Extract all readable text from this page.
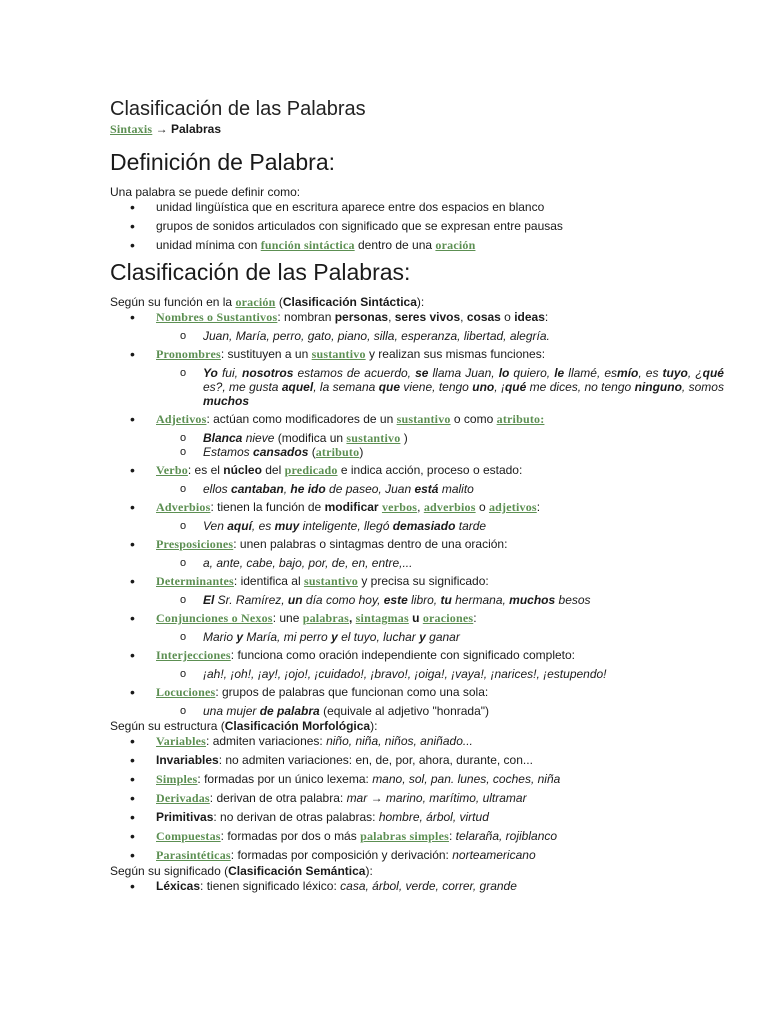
Clasificación de las Palabras
Sintaxis → Palabras
Definición de Palabra:

Una palabra se puede definir como:

• unidad lingüística que en escritura aparece entre dos espacios en blanco
• grupos de sonidos articulados con significado que se expresan entre pausas
• unidad mínima con función sintáctica dentro de una oración
Clasificación de las Palabras:

Según su función en la oración (Clasificación Sintáctica):

• Nombres o Sustantivos: nombran personas, seres vivos, cosas o ideas:
o Juan, María, perro, gato, piano, silla, esperanza, libertad, alegría.
• Pronombres: sustituyen a un sustantivo y realizan sus mismas funciones:
o Yo fui, nosotros estamos de acuerdo, se llama Juan, lo quiero, le llamé, esmío, es tuyo, ¿qué es?, me gusta aquel, la semana que viene, tengo uno, ¡qué me dices, no tengo ninguno, somos muchos
• Adjetivos: actúan como modificadores de un sustantivo o como atributo:
o Blanca nieve (modifica un sustantivo )
o Estamos cansados (atributo)
• Verbo: es el núcleo del predicado e indica acción, proceso o estado:
o ellos cantaban, he ido de paseo, Juan está malito
• Adverbios: tienen la función de modificar verbos, adverbios o adjetivos:
o Ven aquí, es muy inteligente, llegó demasiado tarde
• Presposiciones: unen palabras o sintagmas dentro de una oración:
o a, ante, cabe, bajo, por, de, en, entre,...
• Determinantes: identifica al sustantivo y precisa su significado:
o El Sr. Ramírez, un día como hoy, este libro, tu hermana, muchos besos
• Conjunciones o Nexos: une palabras, sintagmas u oraciones:
o Mario y María, mi perro y el tuyo, luchar y ganar
• Interjecciones: funciona como oración independiente con significado completo:
o ¡ah!, ¡oh!, ¡ay!, ¡ojo!, ¡cuidado!, ¡bravo!, ¡oiga!, ¡vaya!, ¡narices!, ¡estupendo!
• Locuciones: grupos de palabras que funcionan como una sola:
o una mujer de palabra (equivale al adjetivo "honrada")

Según su estructura (Clasificación Morfológica):

• Variables: admiten variaciones: niño, niña, niños, aniñado...
• Invariables: no admiten variaciones: en, de, por, ahora, durante, con...
• Simples: formadas por un único lexema: mano, sol, pan. lunes, coches, niña
• Derivadas: derivan de otra palabra: mar → marino, marítimo, ultramar
• Primitivas: no derivan de otras palabras: hombre, árbol, virtud
• Compuestas: formadas por dos o más palabras simples: telaraña, rojiblanco
• Parasintéticas: formadas por composición y derivación: norteamericano

Según su significado (Clasificación Semántica):

• Léxicas: tienen significado léxico: casa, árbol, verde, correr, grande
